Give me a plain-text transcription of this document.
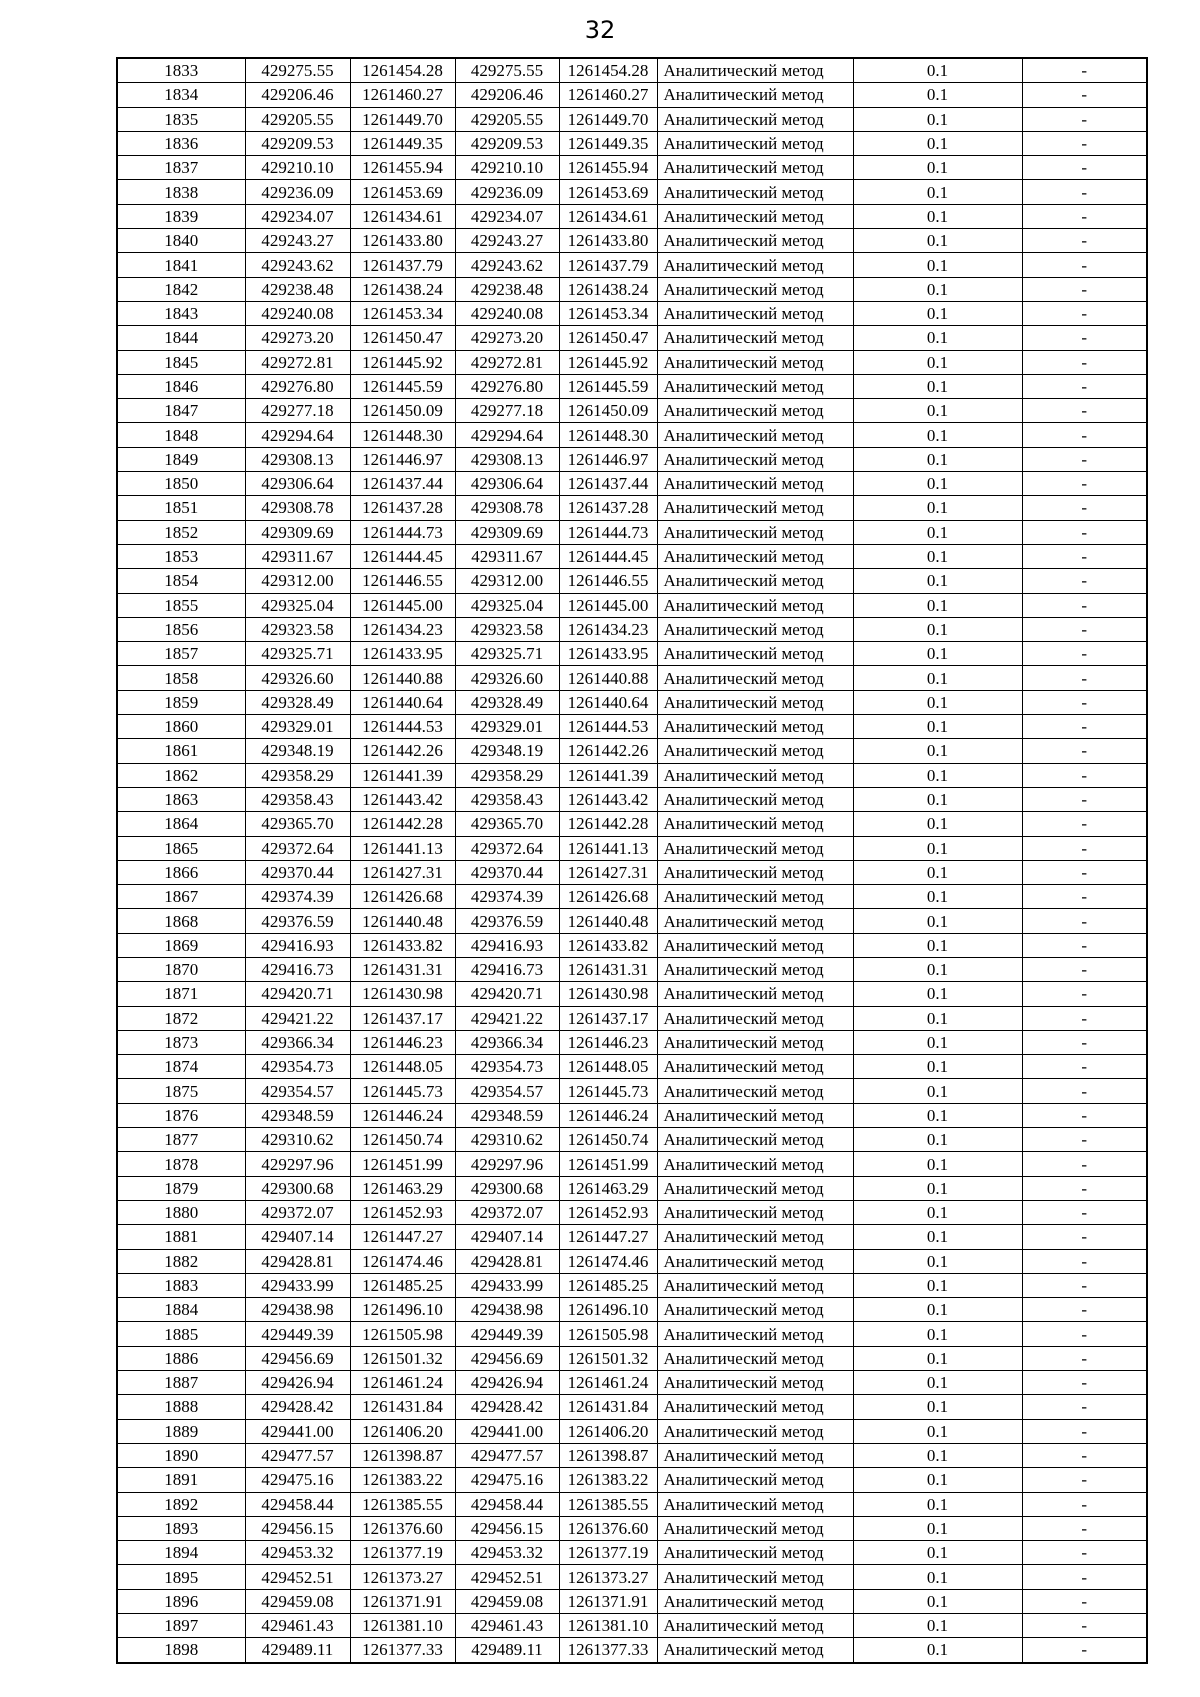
32
1833	429275.55	1261454.28	429275.55	1261454.28	Аналитический метод	0.1	-
1834	429206.46	1261460.27	429206.46	1261460.27	Аналитический метод	0.1	-
1835	429205.55	1261449.70	429205.55	1261449.70	Аналитический метод	0.1	-
1836	429209.53	1261449.35	429209.53	1261449.35	Аналитический метод	0.1	-
1837	429210.10	1261455.94	429210.10	1261455.94	Аналитический метод	0.1	-
1838	429236.09	1261453.69	429236.09	1261453.69	Аналитический метод	0.1	-
1839	429234.07	1261434.61	429234.07	1261434.61	Аналитический метод	0.1	-
1840	429243.27	1261433.80	429243.27	1261433.80	Аналитический метод	0.1	-
1841	429243.62	1261437.79	429243.62	1261437.79	Аналитический метод	0.1	-
1842	429238.48	1261438.24	429238.48	1261438.24	Аналитический метод	0.1	-
1843	429240.08	1261453.34	429240.08	1261453.34	Аналитический метод	0.1	-
1844	429273.20	1261450.47	429273.20	1261450.47	Аналитический метод	0.1	-
1845	429272.81	1261445.92	429272.81	1261445.92	Аналитический метод	0.1	-
1846	429276.80	1261445.59	429276.80	1261445.59	Аналитический метод	0.1	-
1847	429277.18	1261450.09	429277.18	1261450.09	Аналитический метод	0.1	-
1848	429294.64	1261448.30	429294.64	1261448.30	Аналитический метод	0.1	-
1849	429308.13	1261446.97	429308.13	1261446.97	Аналитический метод	0.1	-
1850	429306.64	1261437.44	429306.64	1261437.44	Аналитический метод	0.1	-
1851	429308.78	1261437.28	429308.78	1261437.28	Аналитический метод	0.1	-
1852	429309.69	1261444.73	429309.69	1261444.73	Аналитический метод	0.1	-
1853	429311.67	1261444.45	429311.67	1261444.45	Аналитический метод	0.1	-
1854	429312.00	1261446.55	429312.00	1261446.55	Аналитический метод	0.1	-
1855	429325.04	1261445.00	429325.04	1261445.00	Аналитический метод	0.1	-
1856	429323.58	1261434.23	429323.58	1261434.23	Аналитический метод	0.1	-
1857	429325.71	1261433.95	429325.71	1261433.95	Аналитический метод	0.1	-
1858	429326.60	1261440.88	429326.60	1261440.88	Аналитический метод	0.1	-
1859	429328.49	1261440.64	429328.49	1261440.64	Аналитический метод	0.1	-
1860	429329.01	1261444.53	429329.01	1261444.53	Аналитический метод	0.1	-
1861	429348.19	1261442.26	429348.19	1261442.26	Аналитический метод	0.1	-
1862	429358.29	1261441.39	429358.29	1261441.39	Аналитический метод	0.1	-
1863	429358.43	1261443.42	429358.43	1261443.42	Аналитический метод	0.1	-
1864	429365.70	1261442.28	429365.70	1261442.28	Аналитический метод	0.1	-
1865	429372.64	1261441.13	429372.64	1261441.13	Аналитический метод	0.1	-
1866	429370.44	1261427.31	429370.44	1261427.31	Аналитический метод	0.1	-
1867	429374.39	1261426.68	429374.39	1261426.68	Аналитический метод	0.1	-
1868	429376.59	1261440.48	429376.59	1261440.48	Аналитический метод	0.1	-
1869	429416.93	1261433.82	429416.93	1261433.82	Аналитический метод	0.1	-
1870	429416.73	1261431.31	429416.73	1261431.31	Аналитический метод	0.1	-
1871	429420.71	1261430.98	429420.71	1261430.98	Аналитический метод	0.1	-
1872	429421.22	1261437.17	429421.22	1261437.17	Аналитический метод	0.1	-
1873	429366.34	1261446.23	429366.34	1261446.23	Аналитический метод	0.1	-
1874	429354.73	1261448.05	429354.73	1261448.05	Аналитический метод	0.1	-
1875	429354.57	1261445.73	429354.57	1261445.73	Аналитический метод	0.1	-
1876	429348.59	1261446.24	429348.59	1261446.24	Аналитический метод	0.1	-
1877	429310.62	1261450.74	429310.62	1261450.74	Аналитический метод	0.1	-
1878	429297.96	1261451.99	429297.96	1261451.99	Аналитический метод	0.1	-
1879	429300.68	1261463.29	429300.68	1261463.29	Аналитический метод	0.1	-
1880	429372.07	1261452.93	429372.07	1261452.93	Аналитический метод	0.1	-
1881	429407.14	1261447.27	429407.14	1261447.27	Аналитический метод	0.1	-
1882	429428.81	1261474.46	429428.81	1261474.46	Аналитический метод	0.1	-
1883	429433.99	1261485.25	429433.99	1261485.25	Аналитический метод	0.1	-
1884	429438.98	1261496.10	429438.98	1261496.10	Аналитический метод	0.1	-
1885	429449.39	1261505.98	429449.39	1261505.98	Аналитический метод	0.1	-
1886	429456.69	1261501.32	429456.69	1261501.32	Аналитический метод	0.1	-
1887	429426.94	1261461.24	429426.94	1261461.24	Аналитический метод	0.1	-
1888	429428.42	1261431.84	429428.42	1261431.84	Аналитический метод	0.1	-
1889	429441.00	1261406.20	429441.00	1261406.20	Аналитический метод	0.1	-
1890	429477.57	1261398.87	429477.57	1261398.87	Аналитический метод	0.1	-
1891	429475.16	1261383.22	429475.16	1261383.22	Аналитический метод	0.1	-
1892	429458.44	1261385.55	429458.44	1261385.55	Аналитический метод	0.1	-
1893	429456.15	1261376.60	429456.15	1261376.60	Аналитический метод	0.1	-
1894	429453.32	1261377.19	429453.32	1261377.19	Аналитический метод	0.1	-
1895	429452.51	1261373.27	429452.51	1261373.27	Аналитический метод	0.1	-
1896	429459.08	1261371.91	429459.08	1261371.91	Аналитический метод	0.1	-
1897	429461.43	1261381.10	429461.43	1261381.10	Аналитический метод	0.1	-
1898	429489.11	1261377.33	429489.11	1261377.33	Аналитический метод	0.1	-
